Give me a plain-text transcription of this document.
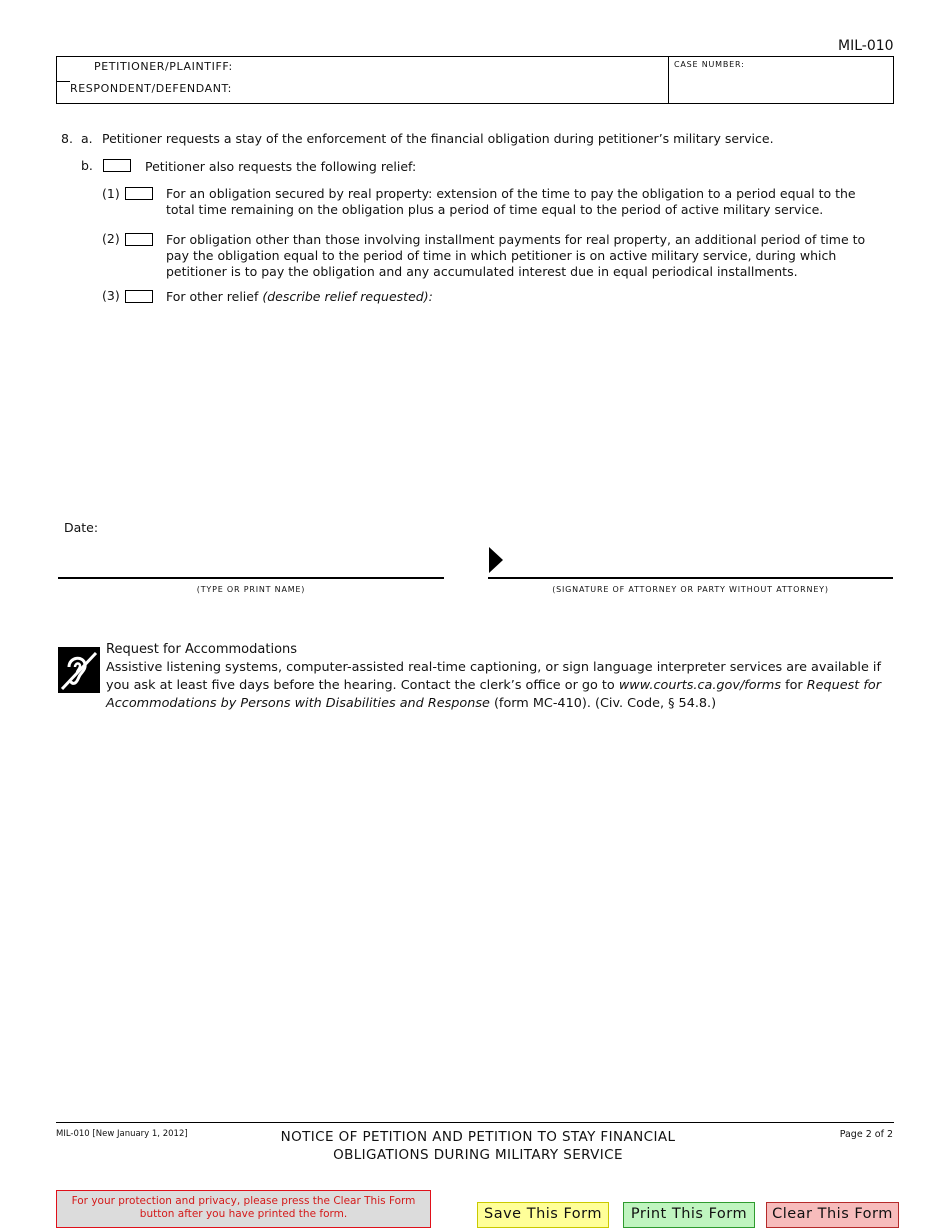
MIL-010
PETITIONER/PLAINTIFF:
RESPONDENT/DEFENDANT:
CASE NUMBER:
8. a. Petitioner requests a stay of the enforcement of the financial obligation during petitioner’s military service.
b.	Petitioner also requests the following relief:
(1)	For an obligation secured by real property: extension of the time to pay the obligation to a period equal to the total time remaining on the obligation plus a period of time equal to the period of active military service.
(2)	For obligation other than those involving installment payments for real property, an additional period of time to pay the obligation equal to the period of time in which petitioner is on active military service, during which petitioner is to pay the obligation and any accumulated interest due in equal periodical installments.
(3)	For other relief (describe relief requested):
Date:
(TYPE OR PRINT NAME)	(SIGNATURE OF ATTORNEY OR PARTY WITHOUT ATTORNEY)
Request for Accommodations
Assistive listening systems, computer-assisted real-time captioning, or sign language interpreter services are available if you ask at least five days before the hearing. Contact the clerk’s office or go to www.courts.ca.gov/forms for Request for Accommodations by Persons with Disabilities and Response (form MC-410). (Civ. Code, § 54.8.)
MIL-010 [New January 1, 2012]	NOTICE OF PETITION AND PETITION TO STAY FINANCIAL
OBLIGATIONS DURING MILITARY SERVICE
Page 2 of 2
For your protection and privacy, please press the Clear This Form button after you have printed the form.	Save This Form	Print This Form	Clear This Form
